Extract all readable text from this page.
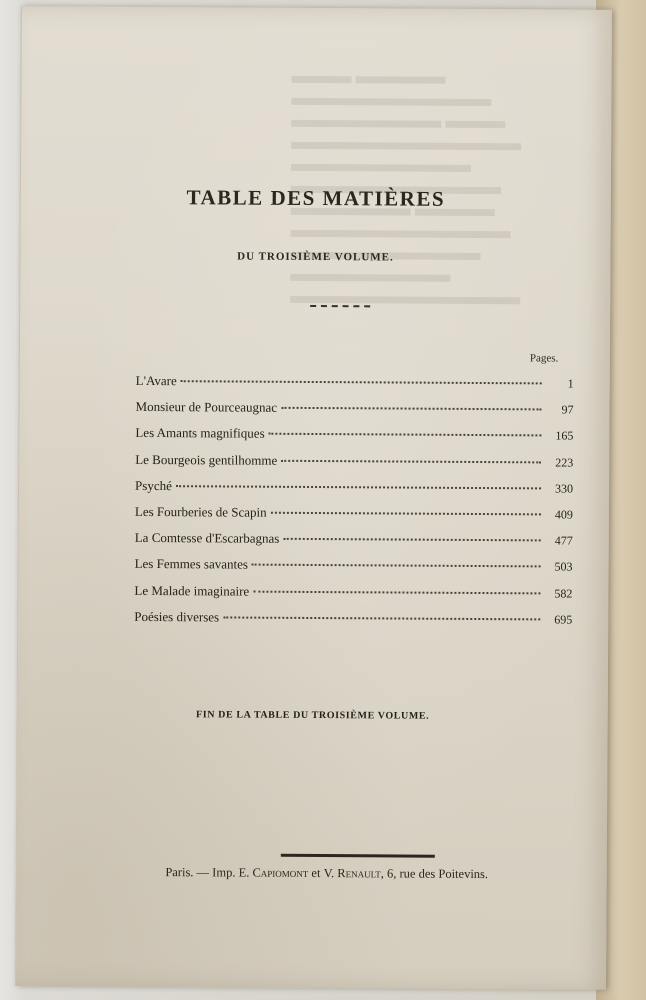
TABLE DES MATIÈRES
DU TROISIÈME VOLUME.
Pages.
L'Avare	1
Monsieur de Pourceaugnac	97
Les Amants magnifiques	165
Le Bourgeois gentilhomme	223
Psyché	330
Les Fourberies de Scapin	409
La Comtesse d'Escarbagnas	477
Les Femmes savantes	503
Le Malade imaginaire	582
Poésies diverses	695
FIN DE LA TABLE DU TROISIÈME VOLUME.
Paris. — Imp. E. Capiomont et V. Renault, 6, rue des Poitevins.
